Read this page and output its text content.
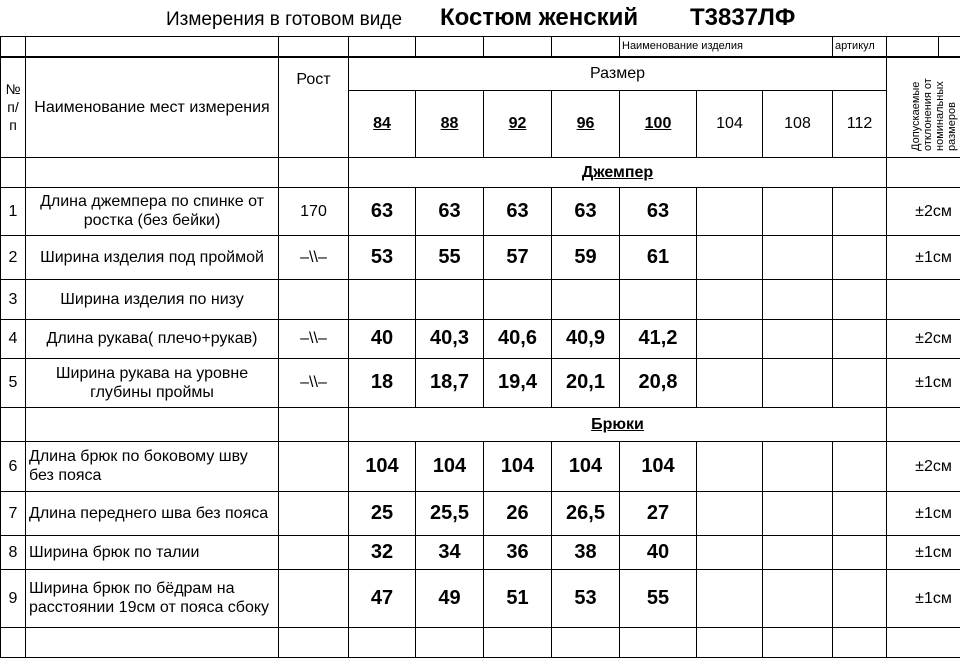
Измерения в готовом виде Костюм женский Т3837ЛФ
							Наименование изделия			артикул		
№
п/
п	Наименование мест измерения	Рост	Размер								Допускаемые отклонения от номинальных размеров	
			84	88	92	96	100	104	108	112		
			Джемпер									
1	Длина джемпера по спинке от ростка (без бейки)	170	63	63	63	63	63				±2см	
2	Ширина изделия под проймой	–\\–	53	55	57	59	61				±1см	
3	Ширина изделия по низу											
4	Длина рукава( плечо+рукав)	–\\–	40	40,3	40,6	40,9	41,2				±2см	
5	Ширина рукава на уровне глубины проймы	–\\–	18	18,7	19,4	20,1	20,8				±1см	
			Брюки									
6	Длина брюк по боковому шву без пояса		104	104	104	104	104				±2см	
7	Длина переднего шва без пояса		25	25,5	26	26,5	27				±1см	
8	Ширина брюк по талии		32	34	36	38	40				±1см	
9	Ширина брюк по бёдрам на расстоянии 19см от пояса сбоку		47	49	51	53	55				±1см	
